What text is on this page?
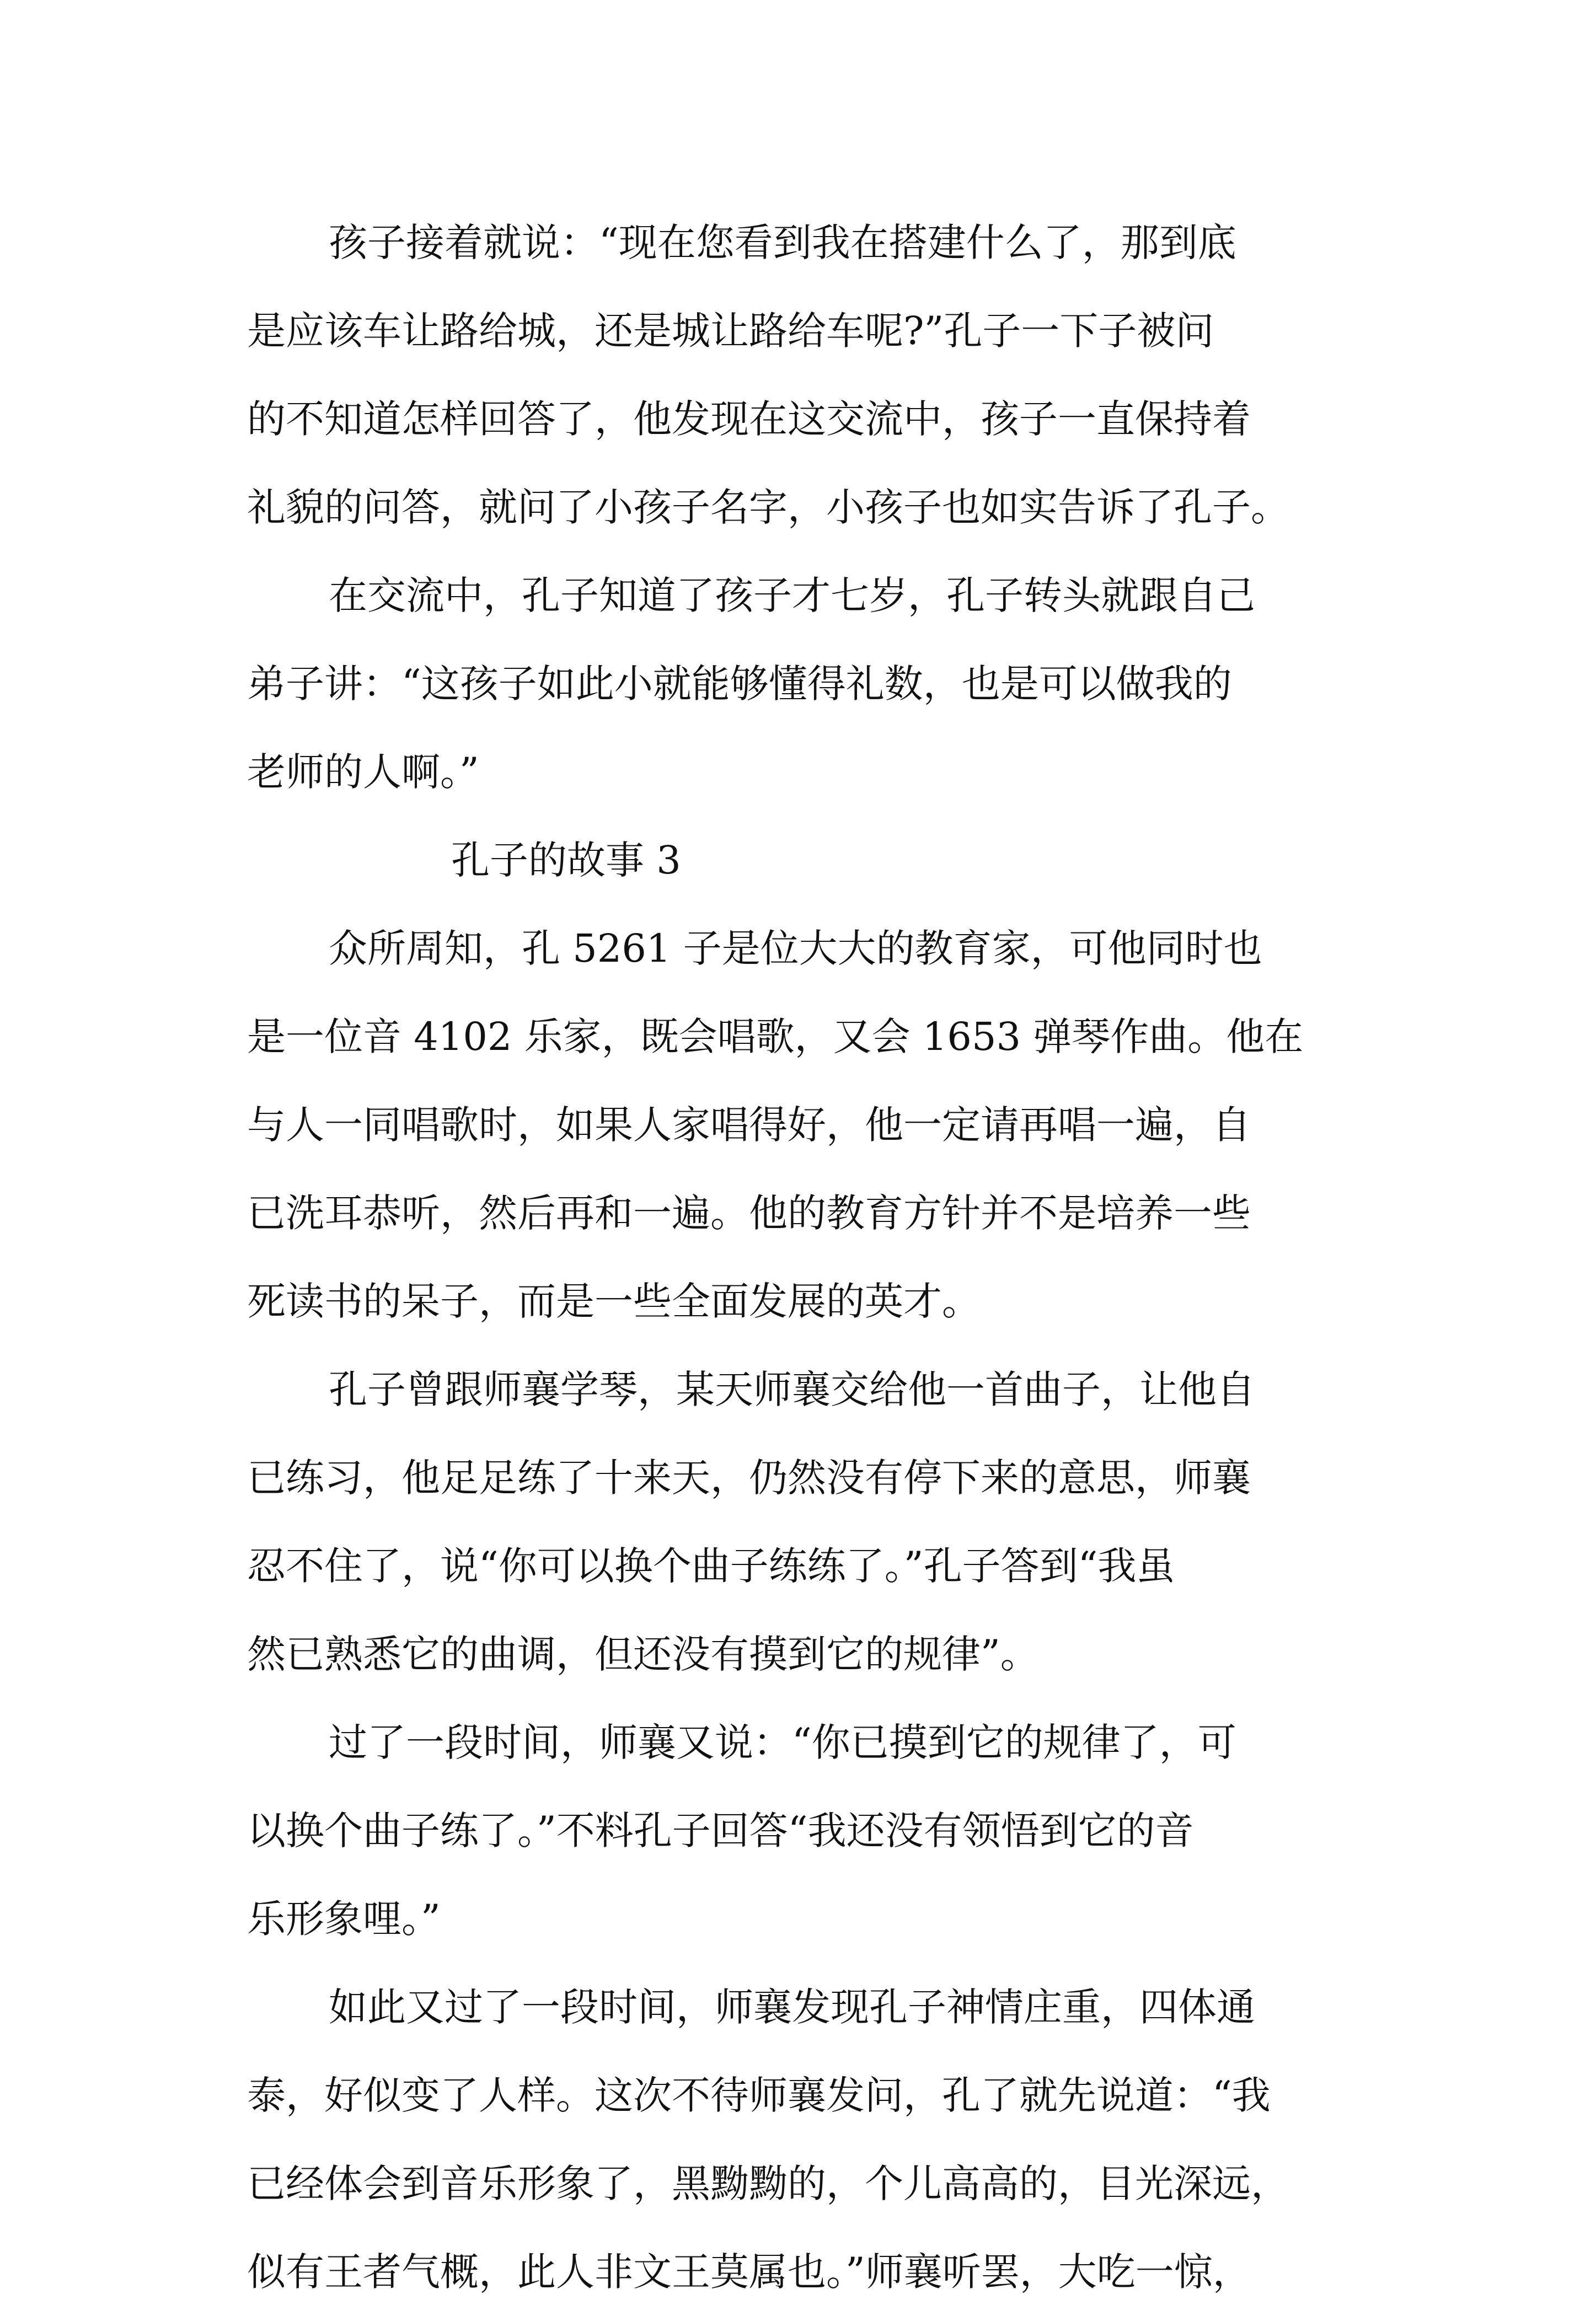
孩子接着就说：“现在您看到我在搭建什么了，那到底
是应该车让路给城，还是城让路给车呢?”孔子一下子被问
的不知道怎样回答了，他发现在这交流中，孩子一直保持着
礼貌的问答，就问了小孩子名字，小孩子也如实告诉了孔子。
在交流中，孔子知道了孩子才七岁，孔子转头就跟自己
弟子讲：“这孩子如此小就能够懂得礼数，也是可以做我的
老师的人啊。”
孔子的故事 3
众所周知，孔 5261 子是位大大的教育家，可他同时也
是一位音 4102 乐家，既会唱歌，又会 1653 弹琴作曲。他在
与人一同唱歌时，如果人家唱得好，他一定请再唱一遍，自
已洗耳恭听，然后再和一遍。他的教育方针并不是培养一些
死读书的呆子，而是一些全面发展的英才。
孔子曾跟师襄学琴，某天师襄交给他一首曲子，让他自
已练习，他足足练了十来天，仍然没有停下来的意思，师襄
忍不住了，说“你可以换个曲子练练了。”孔子答到“我虽
然已熟悉它的曲调，但还没有摸到它的规律”。
过了一段时间，师襄又说：“你已摸到它的规律了，可
以换个曲子练了。”不料孔子回答“我还没有领悟到它的音
乐形象哩。”
如此又过了一段时间，师襄发现孔子神情庄重，四体通
泰，好似变了人样。这次不待师襄发问，孔了就先说道：“我
已经体会到音乐形象了，黑黝黝的，个儿高高的，目光深远，
似有王者气概，此人非文王莫属也。”师襄听罢，大吃一惊，
